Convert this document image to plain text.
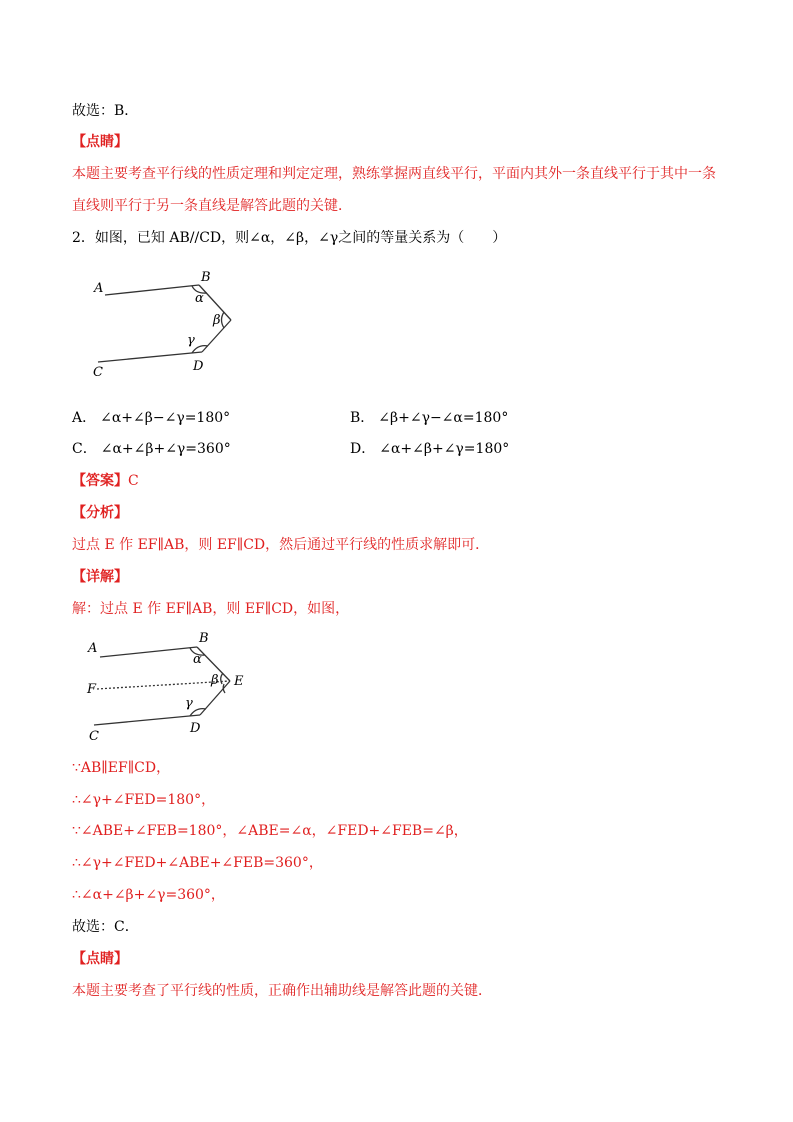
故选：B．
【点睛】
本题主要考查平行线的性质定理和判定定理，熟练掌握两直线平行，平面内其外一条直线平行于其中一条
直线则平行于另一条直线是解答此题的关键．
2．如图，已知 AB//CD，则∠α，∠β，∠γ之间的等量关系为（　　）
A
B
α
β
γ
C	D
A． ∠α+∠β−∠γ=180°	B． ∠β+∠γ−∠α=180°
C． ∠α+∠β+∠γ=360°	D． ∠α+∠β+∠γ=180°
【答案】C
【分析】
过点 E 作 EF∥AB，则 EF∥CD，然后通过平行线的性质求解即可．
【详解】
解：过点 E 作 EF∥AB，则 EF∥CD，如图，
A
B
α
β E
F
γ
C
D
∵AB∥EF∥CD，
∴∠γ+∠FED=180°，
∵∠ABE+∠FEB=180°，∠ABE=∠α，∠FED+∠FEB=∠β，
∴∠γ+∠FED+∠ABE+∠FEB=360°，
∴∠α+∠β+∠γ=360°，
故选：C．
【点睛】
本题主要考查了平行线的性质，正确作出辅助线是解答此题的关键．
